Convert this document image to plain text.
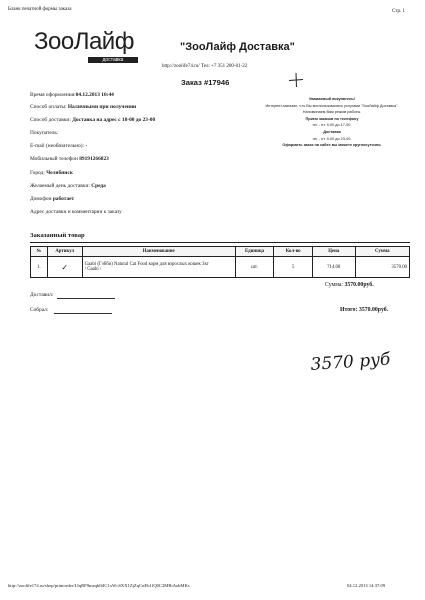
Бланк печатной формы заказа	Стр. 1
ЗооЛайф
доставка
"ЗооЛайф Доставка"
http://zoolife74.ru/ Тел: +7 351 200-01-22
Заказ #17946
Время оформления:04.12.2013 10:44
Способ оплаты: Наличными при получении
Способ доставки: Доставка на адрес с 18-00 до 23-00
Покупатель:
E-mail (необязательно): -
Мобильный телефон 89191266823
Город: Челябинск
Желаемый день доставки: Среда
Домофон работает
Адрес доставки и комментарии к заказу
Уважаемый покупатель!
Интернет-магазин, что Вы воспользовались услугами "ЗооЛайф Доставка".
Напоминаем Вам режим работы.
Прием заказов по телефону
пн. - пт. 9-00 до 17-00.
Доставка
пн. - пт. 9-00 до 23-00.
Оформить заказ на сайте вы можете круглосуточно.
Заказанный товар
№	Артикул	Наименование	Единица	Кол-во	Цена	Сумма
1.	✓	Gaabi (Гэбби) Natural Cat Food корм для взрослых кошек 3кг
/ Gaabi /	шт.	5	714.00	3570.00
Сумма: 3570.00руб.
Итого: 3570.00руб.
Доставил:
Собрал:
3570 руб
http://zoolife174.ru/shop/printorder/LIqRF9mzqb0tIC1xWcSXX1ZjZqCnEb1fQ0C2MRtAabMKs	04.12.2013 14:37:09
